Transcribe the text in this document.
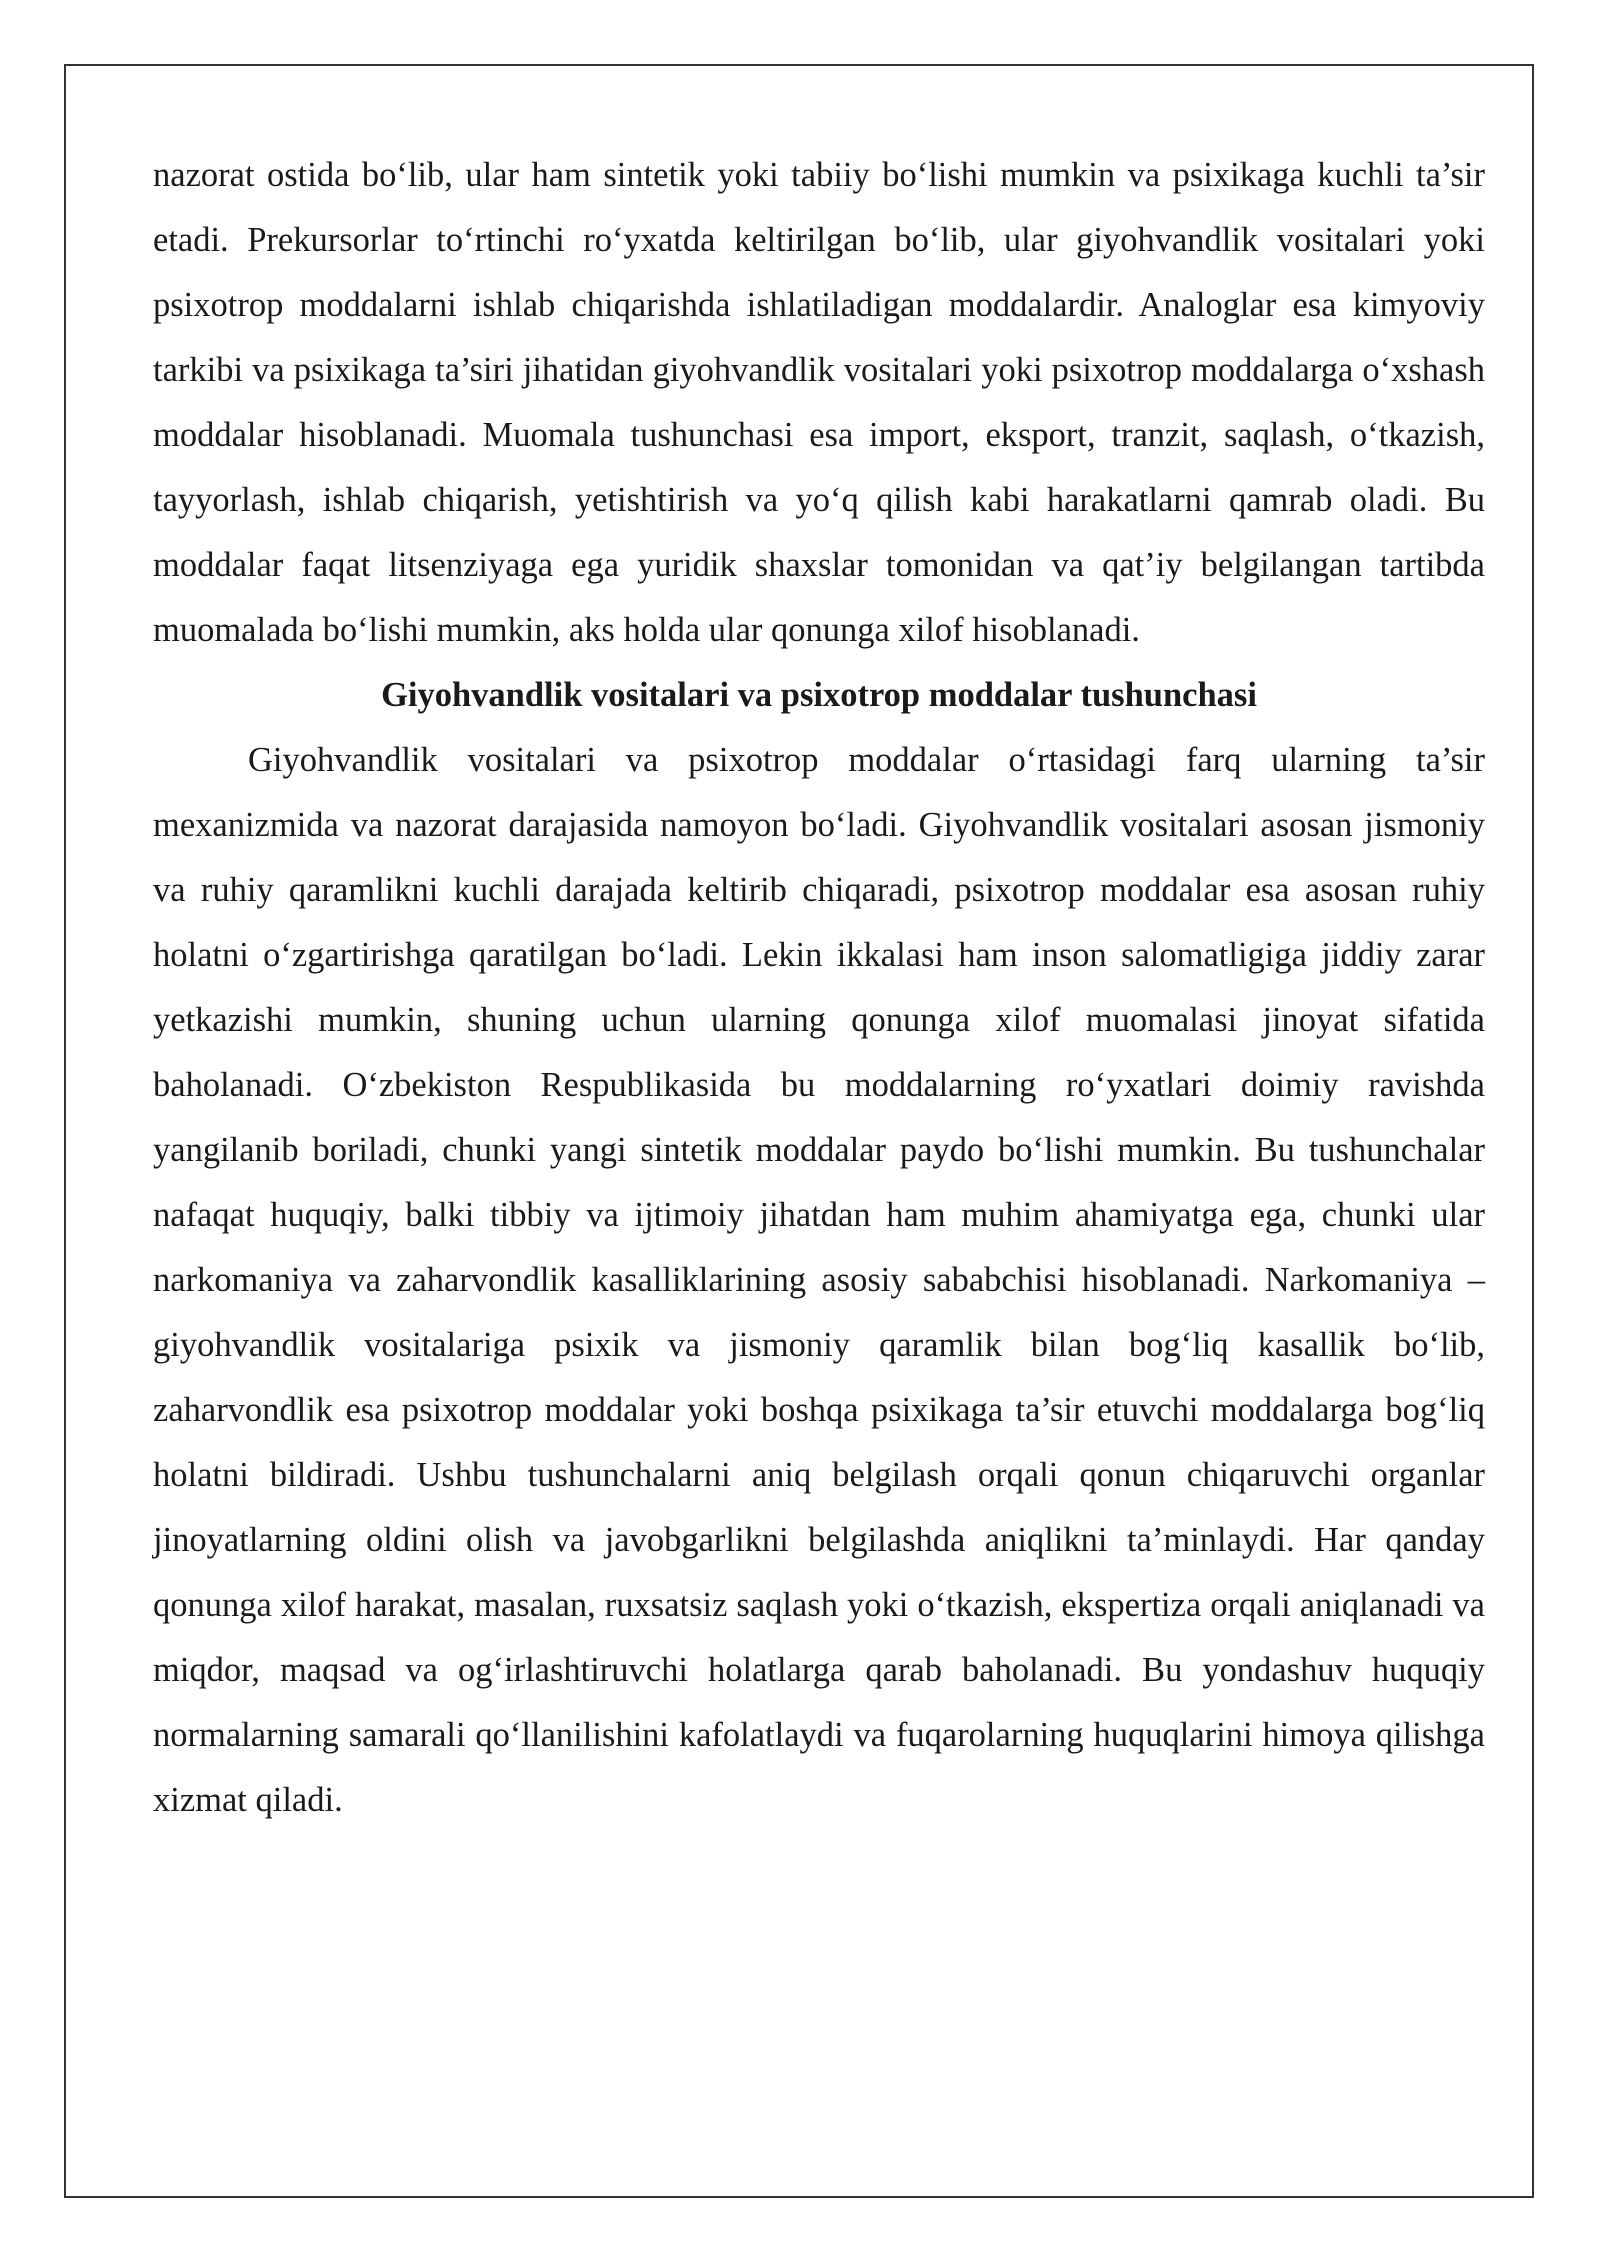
nazorat ostida bo‘lib, ular ham sintetik yoki tabiiy bo‘lishi mumkin va psixikaga kuchli ta’sir etadi. Prekursorlar to‘rtinchi ro‘yxatda keltirilgan bo‘lib, ular giyohvandlik vositalari yoki psixotrop moddalarni ishlab chiqarishda ishlatiladigan moddalardir. Analoglar esa kimyoviy tarkibi va psixikaga ta’siri jihatidan giyohvandlik vositalari yoki psixotrop moddalarga o‘xshash moddalar hisoblanadi. Muomala tushunchasi esa import, eksport, tranzit, saqlash, o‘tkazish, tayyorlash, ishlab chiqarish, yetishtirish va yo‘q qilish kabi harakatlarni qamrab oladi. Bu moddalar faqat litsenziyaga ega yuridik shaxslar tomonidan va qat’iy belgilangan tartibda muomalada bo‘lishi mumkin, aks holda ular qonunga xilof hisoblanadi.

Giyohvandlik vositalari va psixotrop moddalar tushunchasi

Giyohvandlik vositalari va psixotrop moddalar o‘rtasidagi farq ularning ta’sir mexanizmida va nazorat darajasida namoyon bo‘ladi. Giyohvandlik vositalari asosan jismoniy va ruhiy qaramlikni kuchli darajada keltirib chiqaradi, psixotrop moddalar esa asosan ruhiy holatni o‘zgartirishga qaratilgan bo‘ladi. Lekin ikkalasi ham inson salomatligiga jiddiy zarar yetkazishi mumkin, shuning uchun ularning qonunga xilof muomalasi jinoyat sifatida baholanadi. O‘zbekiston Respublikasida bu moddalarning ro‘yxatlari doimiy ravishda yangilanib boriladi, chunki yangi sintetik moddalar paydo bo‘lishi mumkin. Bu tushunchalar nafaqat huquqiy, balki tibbiy va ijtimoiy jihatdan ham muhim ahamiyatga ega, chunki ular narkomaniya va zaharvondlik kasalliklarining asosiy sababchisi hisoblanadi. Narkomaniya – giyohvandlik vositalariga psixik va jismoniy qaramlik bilan bog‘liq kasallik bo‘lib, zaharvondlik esa psixotrop moddalar yoki boshqa psixikaga ta’sir etuvchi moddalarga bog‘liq holatni bildiradi. Ushbu tushunchalarni aniq belgilash orqali qonun chiqaruvchi organlar jinoyatlarning oldini olish va javobgarlikni belgilashda aniqlikni ta’minlaydi. Har qanday qonunga xilof harakat, masalan, ruxsatsiz saqlash yoki o‘tkazish, ekspertiza orqali aniqlanadi va miqdor, maqsad va og‘irlashtiruvchi holatlarga qarab baholanadi. Bu yondashuv huquqiy normalarning samarali qo‘llanilishini kafolatlaydi va fuqarolarning huquqlarini himoya qilishga xizmat qiladi.
